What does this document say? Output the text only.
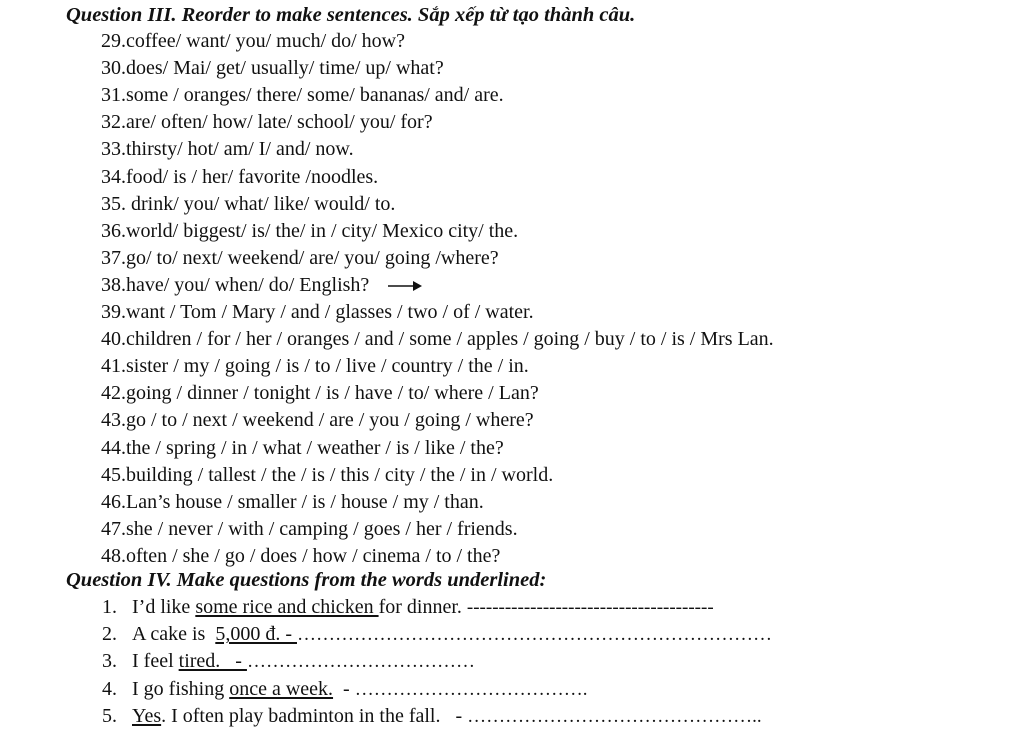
Question III. Reorder to make sentences. Sắp xếp từ tạo thành câu.
29.coffee/ want/ you/ much/ do/ how?
30.does/ Mai/ get/ usually/ time/ up/ what?
31.some / oranges/ there/ some/ bananas/ and/ are.
32.are/ often/ how/ late/ school/ you/ for?
33.thirsty/ hot/ am/ I/ and/ now.
34.food/ is / her/ favorite /noodles.
35. drink/ you/ what/ like/ would/ to.
36.world/ biggest/ is/ the/ in / city/ Mexico city/ the.
37.go/ to/ next/ weekend/ are/ you/ going /where?
38.have/ you/ when/ do/ English?
39.want / Tom / Mary / and / glasses / two / of / water.
40.children / for / her / oranges / and / some / apples / going / buy / to / is / Mrs Lan.
41.sister / my / going / is / to / live / country / the / in.
42.going / dinner / tonight / is / have / to/ where / Lan?
43.go / to / next / weekend / are / you / going / where?
44.the / spring / in / what / weather / is / like / the?
45.building / tallest / the / is / this / city / the / in / world.
46.Lan’s house / smaller / is / house / my / than.
47.she / never / with / camping / goes / her / friends.
48.often / she / go / does / how / cinema / to / the?
Question IV. Make questions from the words underlined:
1. I’d like some rice and chicken for dinner. ---------------------------------------
2. A cake is  5,000 đ. - …………………………………………………………………
3. I feel tired.   - ………………………………
4. I go fishing once a week.  - ……………………………….
5. Yes. I often play badminton in the fall.   - ………………………………………..
